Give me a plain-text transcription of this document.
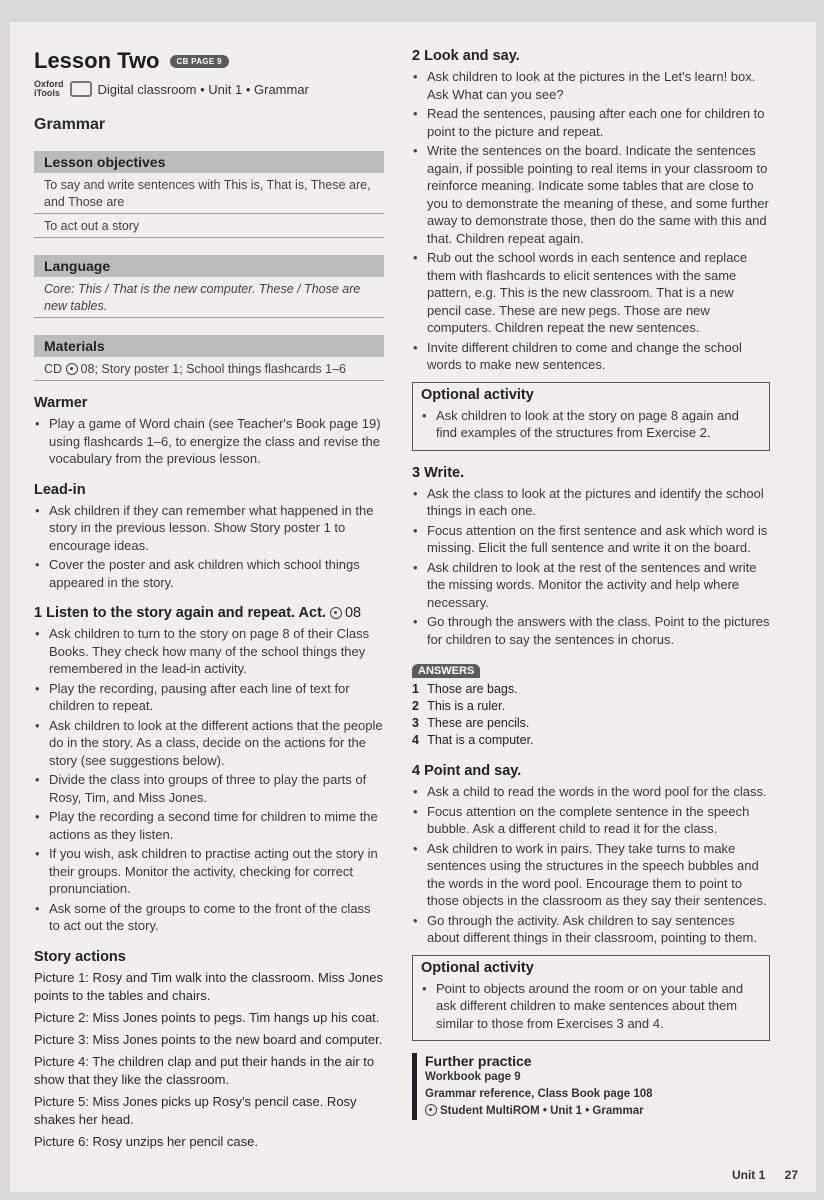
Lesson Two	CB PAGE 9
Oxford
iTools	Digital classroom • Unit 1 • Grammar
Grammar
Lesson objectives
To say and write sentences with This is, That is, These are, and Those are
To act out a story
Language
Core: This / That is the new computer. These / Those are new tables.
Materials
CD 08; Story poster 1; School things flashcards 1–6
Warmer
• Play a game of Word chain (see Teacher's Book page 19) using flashcards 1–6, to energize the class and revise the vocabulary from the previous lesson.
Lead-in
• Ask children if they can remember what happened in the story in the previous lesson. Show Story poster 1 to encourage ideas.
• Cover the poster and ask children which school things appeared in the story.
1 Listen to the story again and repeat. Act. 08
• Ask children to turn to the story on page 8 of their Class Books. They check how many of the school things they remembered in the lead-in activity.
• Play the recording, pausing after each line of text for children to repeat.
• Ask children to look at the different actions that the people do in the story. As a class, decide on the actions for the story (see suggestions below).
• Divide the class into groups of three to play the parts of Rosy, Tim, and Miss Jones.
• Play the recording a second time for children to mime the actions as they listen.
• If you wish, ask children to practise acting out the story in their groups. Monitor the activity, checking for correct pronunciation.
• Ask some of the groups to come to the front of the class to act out the story.
Story actions

Picture 1: Rosy and Tim walk into the classroom. Miss Jones points to the tables and chairs.

Picture 2: Miss Jones points to pegs. Tim hangs up his coat.

Picture 3: Miss Jones points to the new board and computer.

Picture 4: The children clap and put their hands in the air to show that they like the classroom.

Picture 5: Miss Jones picks up Rosy's pencil case. Rosy shakes her head.

Picture 6: Rosy unzips her pencil case.

2 Look and say.
• Ask children to look at the pictures in the Let's learn! box. Ask What can you see?
• Read the sentences, pausing after each one for children to point to the picture and repeat.
• Write the sentences on the board. Indicate the sentences again, if possible pointing to real items in your classroom to reinforce meaning. Indicate some tables that are close to you to demonstrate the meaning of these, and some further away to demonstrate those, then do the same with this and that. Children repeat again.
• Rub out the school words in each sentence and replace them with flashcards to elicit sentences with the same pattern, e.g. This is the new classroom. That is a new pencil case. These are new pegs. Those are new computers. Children repeat the new sentences.
• Invite different children to come and change the school words to make new sentences.
Optional activity
• Ask children to look at the story on page 8 again and find examples of the structures from Exercise 2.
3 Write.
• Ask the class to look at the pictures and identify the school things in each one.
• Focus attention on the first sentence and ask which word is missing. Elicit the full sentence and write it on the board.
• Ask children to look at the rest of the sentences and write the missing words. Monitor the activity and help where necessary.
• Go through the answers with the class. Point to the pictures for children to say the sentences in chorus.
ANSWERS
1 Those are bags.
2 This is a ruler.
3 These are pencils.
4 That is a computer.
4 Point and say.
• Ask a child to read the words in the word pool for the class.
• Focus attention on the complete sentence in the speech bubble. Ask a different child to read it for the class.
• Ask children to work in pairs. They take turns to make sentences using the structures in the speech bubbles and the words in the word pool. Encourage them to point to those objects in the classroom as they say their sentences.
• Go through the activity. Ask children to say sentences about different things in their classroom, pointing to them.
Optional activity
• Point to objects around the room or on your table and ask different children to make sentences about them similar to those from Exercises 3 and 4.
Further practice
Workbook page 9
Grammar reference, Class Book page 108
Student MultiROM • Unit 1 • Grammar
Unit 1 27
